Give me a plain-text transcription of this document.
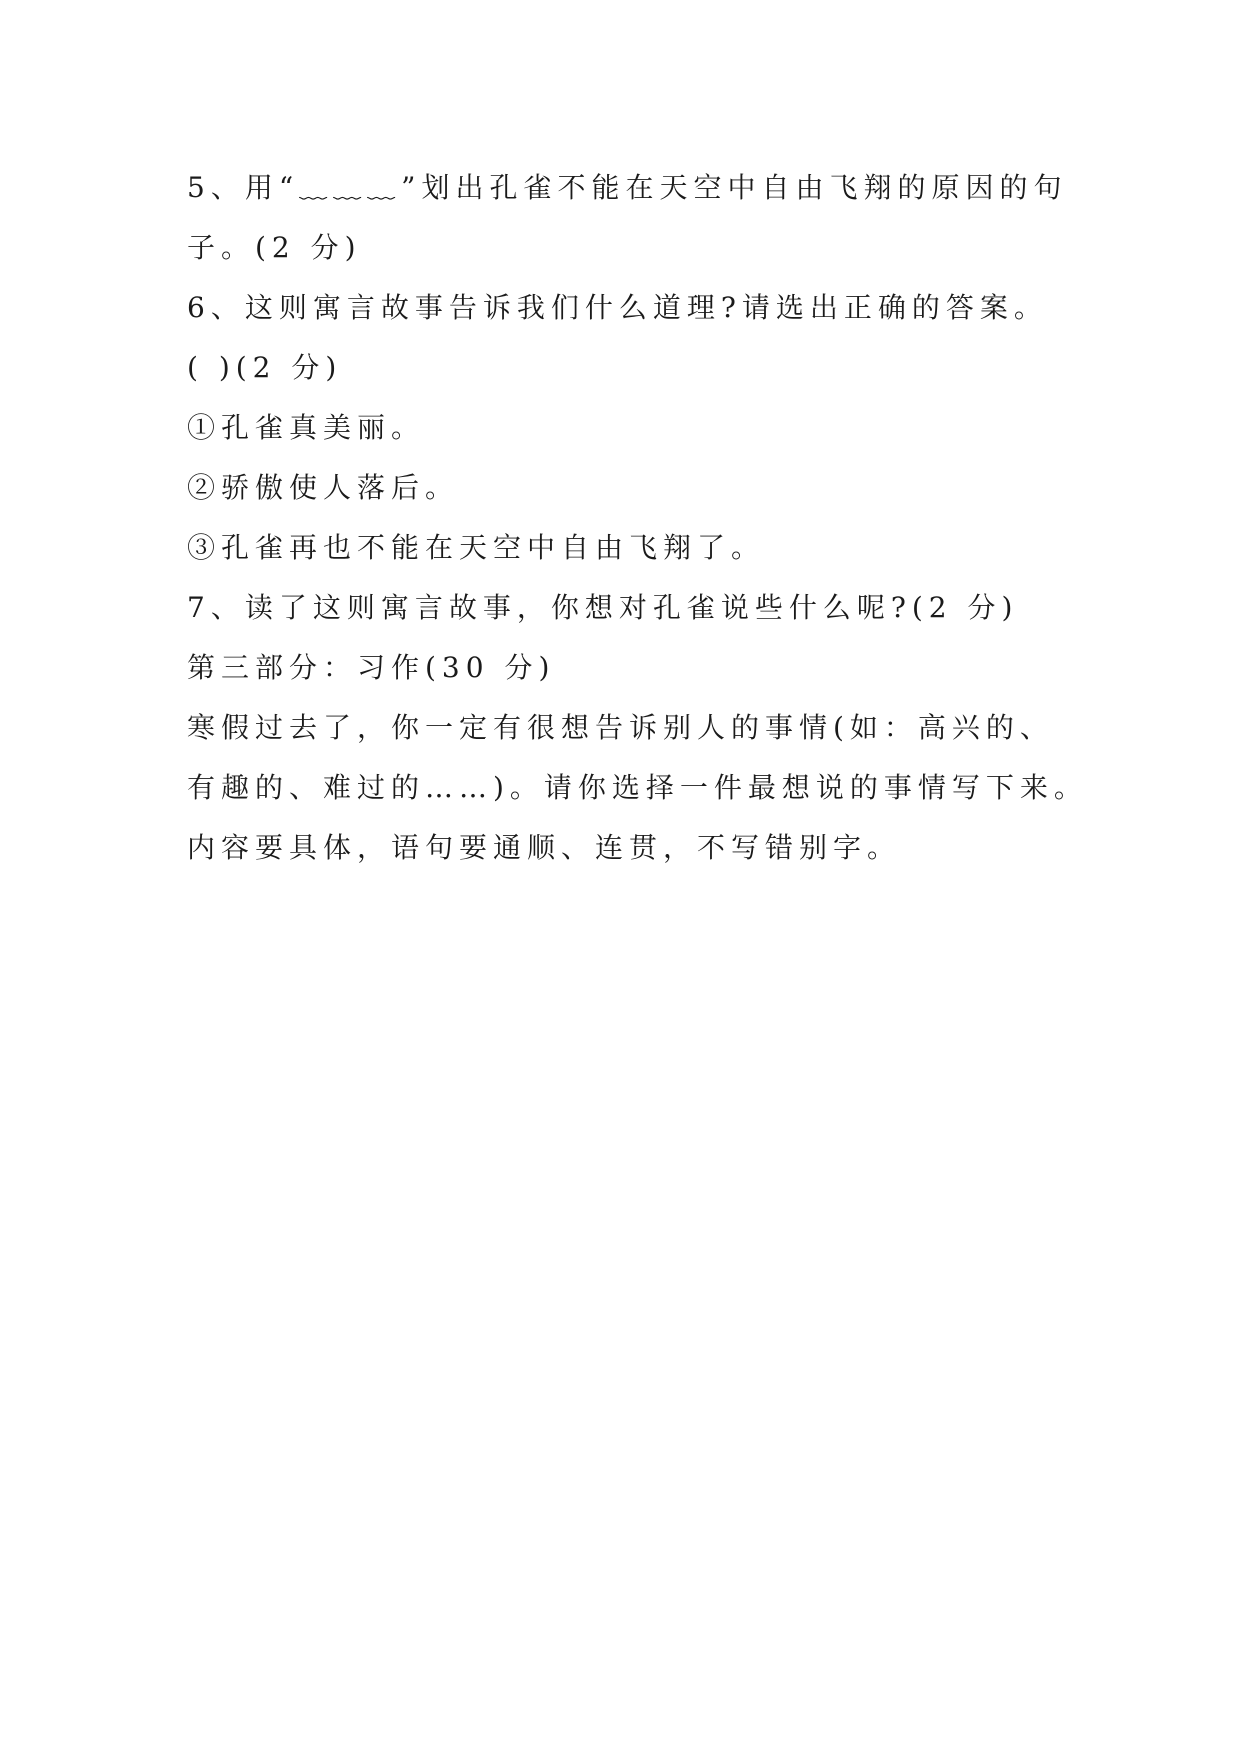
5、用“﹏﹏﹏”划出孔雀不能在天空中自由飞翔的原因的句
子。(2 分)
6、这则寓言故事告诉我们什么道理?请选出正确的答案。
( )(2 分)
①孔雀真美丽。
②骄傲使人落后。
③孔雀再也不能在天空中自由飞翔了。
7、读了这则寓言故事，你想对孔雀说些什么呢?(2 分)
第三部分：习作(30 分)
寒假过去了，你一定有很想告诉别人的事情(如：高兴的、
有趣的、难过的……)。请你选择一件最想说的事情写下来。
内容要具体，语句要通顺、连贯，不写错别字。
